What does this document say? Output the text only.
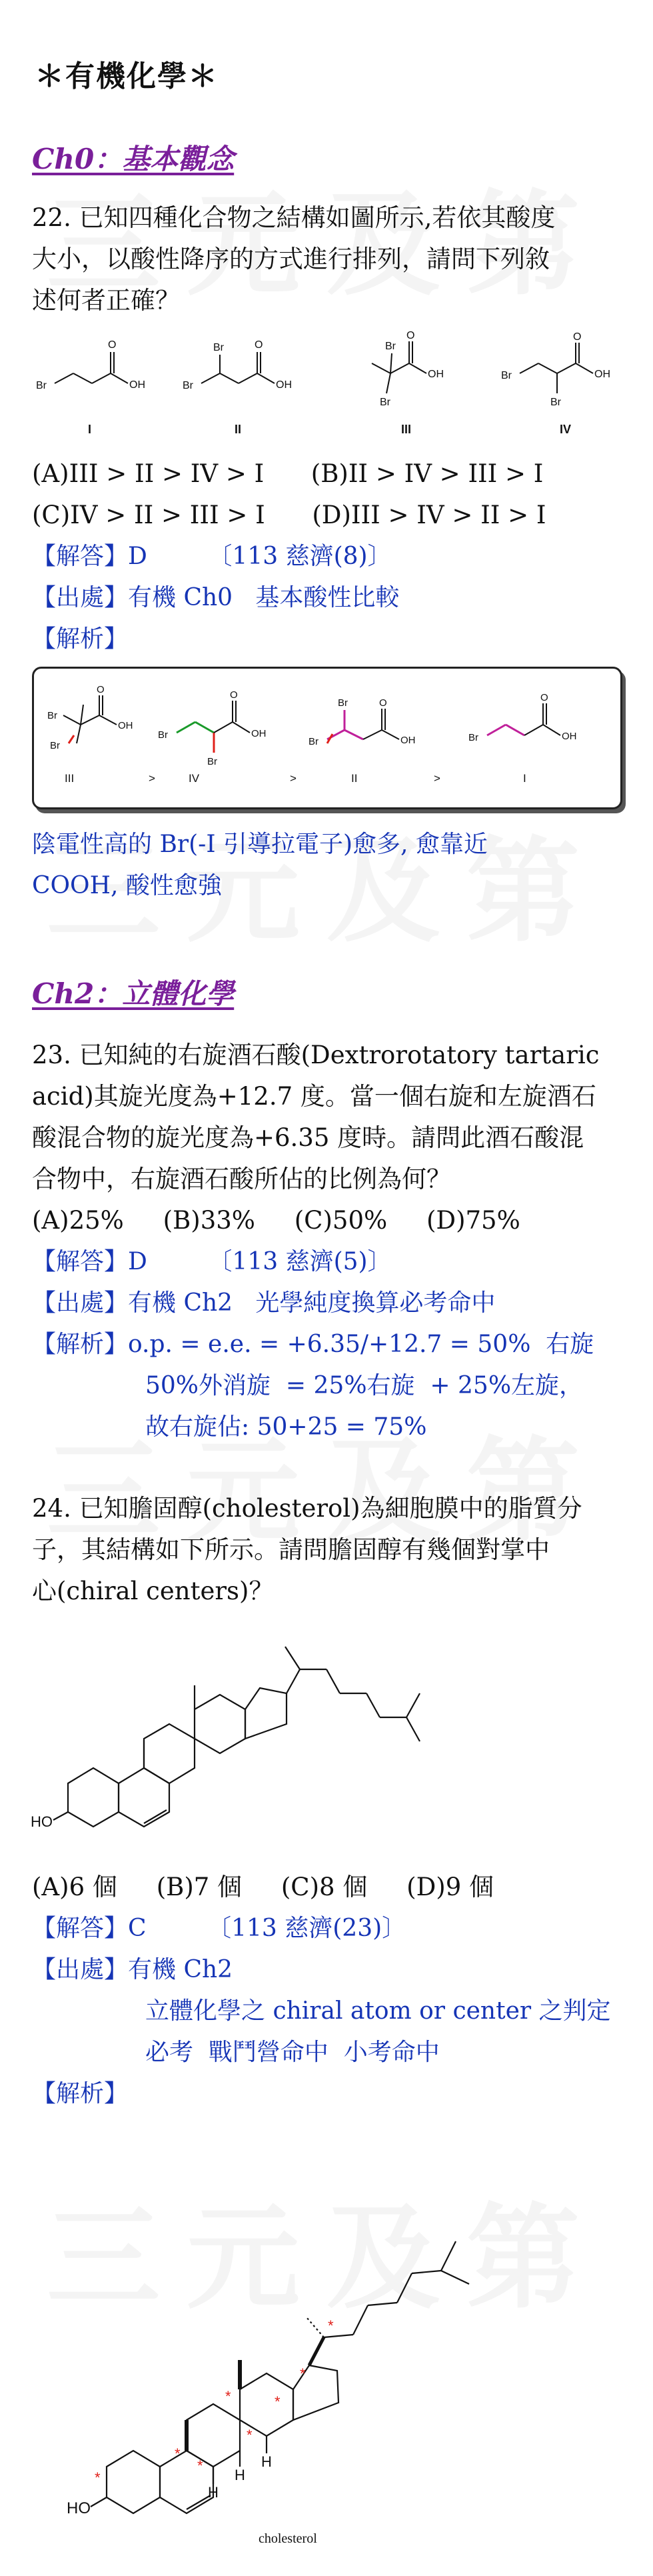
＊有機化學＊
Ch0：基本觀念

22. 已知四種化合物之結構如圖所示,若依其酸度

大小，以酸性降序的方式進行排列，請問下列敘

述何者正確？

Br
O
OH
I
Br
Br	O
OH
II
Br
Br
O
OH
III
Br
Br
O
OH
IV
(A)III > II > IV > I      (B)II > IV > III > I
(C)IV > II > III > I      (D)III > IV > II > I
【解答】D        〔113 慈濟(8)〕
【出處】有機 Ch0   基本酸性比較
【解析】
Br
Br
O
OH
III	>
Br
Br
O
OH
IV	>
Br
Br	O
OH
II	>
Br
O
OH
I
陰電性高的 Br(-I 引導拉電子)愈多, 愈靠近
COOH, 酸性愈強
Ch2：立體化學

23. 已知純的右旋酒石酸(Dextrorotatory tartaric

acid)其旋光度為+12.7 度。當一個右旋和左旋酒石

酸混合物的旋光度為+6.35 度時。請問此酒石酸混

合物中，右旋酒石酸所佔的比例為何？

(A)25%     (B)33%     (C)50%     (D)75%
【解答】D        〔113 慈濟(5)〕
【出處】有機 Ch2   光學純度換算必考命中
【解析】o.p. = e.e. = +6.35/+12.7 = 50%  右旋
50%外消旋  = 25%右旋  + 25%左旋，
故右旋佔: 50+25 = 75%

24. 已知膽固醇(cholesterol)為細胞膜中的脂質分

子，其結構如下所示。請問膽固醇有幾個對掌中

心(chiral centers)？

HO
(A)6 個     (B)7 個     (C)8 個     (D)9 個
【解答】C        〔113 慈濟(23)〕
【出處】有機 Ch2
立體化學之 chiral atom or center 之判定
必考  戰鬥營命中  小考命中
【解析】
HO
H
H
H
*
*
*
*
*
*
*
*
cholesterol
